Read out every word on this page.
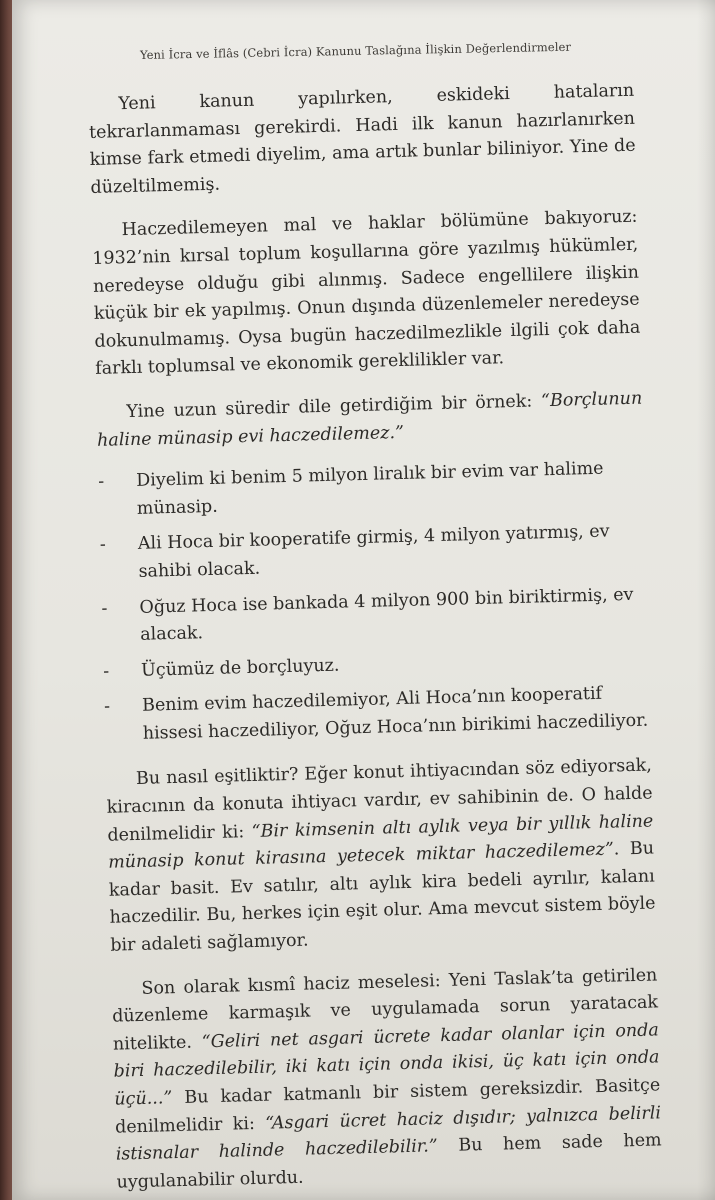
Yeni İcra ve İflâs (Cebri İcra) Kanunu Taslağına İlişkin Değerlendirmeler

Yeni kanun yapılırken, eskideki hataların tekrarlanmaması gerekirdi. Hadi ilk kanun hazırlanırken kimse fark etmedi diyelim, ama artık bunlar biliniyor. Yine de düzeltilmemiş.

Haczedilemeyen mal ve haklar bölümüne bakıyoruz: 1932’nin kırsal toplum koşullarına göre yazılmış hükümler, neredeyse olduğu gibi alınmış. Sadece engellilere ilişkin küçük bir ek yapılmış. Onun dışında düzenlemeler neredeyse dokunulmamış. Oysa bugün haczedilmezlikle ilgili çok daha farklı toplumsal ve ekonomik gereklilikler var.

Yine uzun süredir dile getirdiğim bir örnek: “Borçlunun haline münasip evi haczedilemez.”

- Diyelim ki benim 5 milyon liralık bir evim var halime münasip.
- Ali Hoca bir kooperatife girmiş, 4 milyon yatırmış, ev sahibi olacak.
- Oğuz Hoca ise bankada 4 milyon 900 bin biriktirmiş, ev alacak.
- Üçümüz de borçluyuz.
- Benim evim haczedilemiyor, Ali Hoca’nın kooperatif hissesi haczediliyor, Oğuz Hoca’nın birikimi haczediliyor.

Bu nasıl eşitliktir? Eğer konut ihtiyacından söz ediyorsak, kiracının da konuta ihtiyacı vardır, ev sahibinin de. O halde denilmelidir ki: “Bir kimsenin altı aylık veya bir yıllık haline münasip konut kirasına yetecek miktar haczedilemez”. Bu kadar basit. Ev satılır, altı aylık kira bedeli ayrılır, kalanı haczedilir. Bu, herkes için eşit olur. Ama mevcut sistem böyle bir adaleti sağlamıyor.

Son olarak kısmî haciz meselesi: Yeni Taslak’ta getirilen düzenleme karmaşık ve uygulamada sorun yaratacak nitelikte. “Geliri net asgari ücrete kadar olanlar için onda biri haczedilebilir, iki katı için onda ikisi, üç katı için onda üçü...” Bu kadar katmanlı bir sistem gereksizdir. Basitçe denilmelidir ki: “Asgari ücret haciz dışıdır; yalnızca belirli istisnalar halinde haczedilebilir.” Bu hem sade hem uygulanabilir olurdu.
